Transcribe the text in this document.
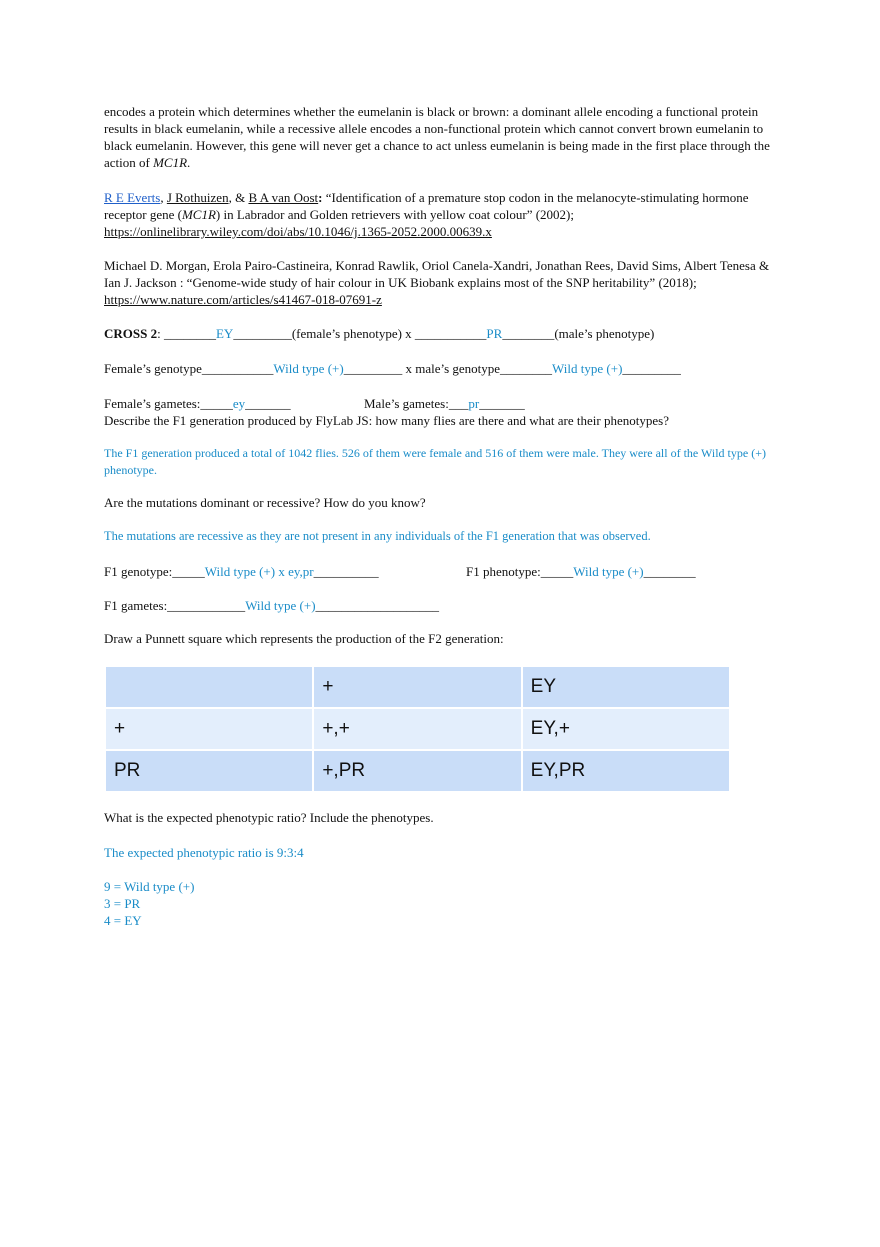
encodes a protein which determines whether the eumelanin is black or brown: a dominant allele encoding a functional protein results in black eumelanin, while a recessive allele encodes a non-functional protein which cannot convert brown eumelanin to black eumelanin. However, this gene will never get a chance to act unless eumelanin is being made in the first place through the action of MC1R.
R E Everts, J Rothuizen, & B A van Oost: “Identification of a premature stop codon in the melanocyte‑stimulating hormone receptor gene (MC1R) in Labrador and Golden retrievers with yellow coat colour” (2002);
https://onlinelibrary.wiley.com/doi/abs/10.1046/j.1365-2052.2000.00639.x
Michael D. Morgan, Erola Pairo-Castineira, Konrad Rawlik, Oriol Canela-Xandri, Jonathan Rees, David Sims, Albert Tenesa & Ian J. Jackson : “Genome-wide study of hair colour in UK Biobank explains most of the SNP heritability” (2018);
https://www.nature.com/articles/s41467-018-07691-z
CROSS 2: ________EY_________(female’s phenotype) x ___________PR________(male’s phenotype)
Female’s genotype___________Wild type (+)_________ x male’s genotype________Wild type (+)_________
Female’s gametes:_____ey_______	Male’s gametes:___pr_______
Describe the F1 generation produced by FlyLab JS: how many flies are there and what are their phenotypes?
The F1 generation produced a total of 1042 flies. 526 of them were female and 516 of them were male. They were all of the Wild type (+) phenotype.
Are the mutations dominant or recessive? How do you know?
The mutations are recessive as they are not present in any individuals of the F1 generation that was observed.
F1 genotype:_____Wild type (+) x ey,pr__________	F1 phenotype:_____Wild type (+)________
F1 gametes:____________Wild type (+)___________________
Draw a Punnett square which represents the production of the F2 generation:
	+	EY
+	+,+	EY,+
PR	+,PR	EY,PR
What is the expected phenotypic ratio? Include the phenotypes.
The expected phenotypic ratio is 9:3:4
9 = Wild type (+)
3 = PR
4 = EY
